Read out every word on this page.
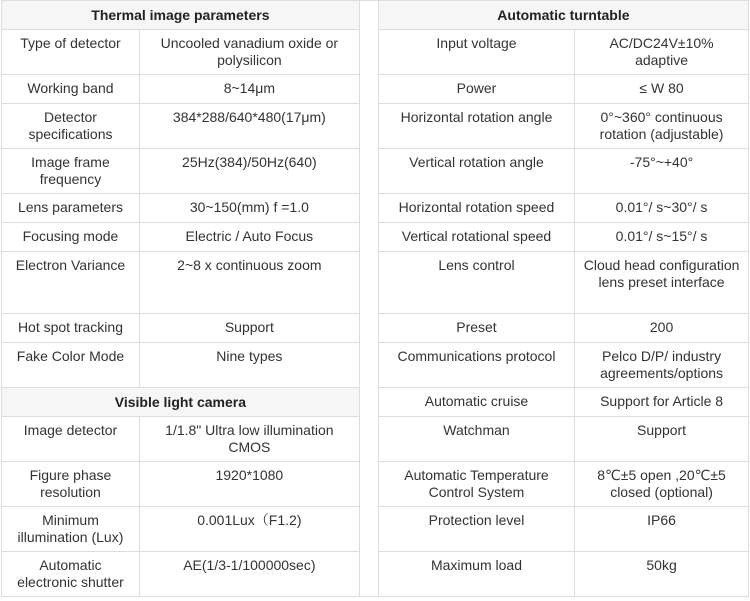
Thermal image parameters			Automatic turntable	
Type of detector	Uncooled vanadium oxide or polysilicon		Input voltage	AC/DC24V±10% adaptive
Working band	8~14μm		Power	≤ W 80
Detector specifications	384*288/640*480(17μm)		Horizontal rotation angle	0°~360° continuous rotation (adjustable)
Image frame frequency	25Hz(384)/50Hz(640)		Vertical rotation angle	-75°~+40°
Lens parameters	30~150(mm) f =1.0		Horizontal rotation speed	0.01°/ s~30°/ s
Focusing mode	Electric / Auto Focus		Vertical rotational speed	0.01°/ s~15°/ s
Electron Variance	2~8 x continuous zoom		Lens control	Cloud head configuration lens preset interface
Hot spot tracking	Support		Preset	200
Fake Color Mode	Nine types		Communications protocol	Pelco D/P/ industry agreements/options
Visible light camera			Automatic cruise	Support for Article 8
Image detector	1/1.8" Ultra low illumination CMOS		Watchman	Support
Figure phase resolution	1920*1080		Automatic Temperature Control System	8℃±5 open ,20℃±5 closed (optional)
Minimum illumination (Lux)	0.001Lux（F1.2)		Protection level	IP66
Automatic electronic shutter	AE(1/3-1/100000sec)		Maximum load	50kg
